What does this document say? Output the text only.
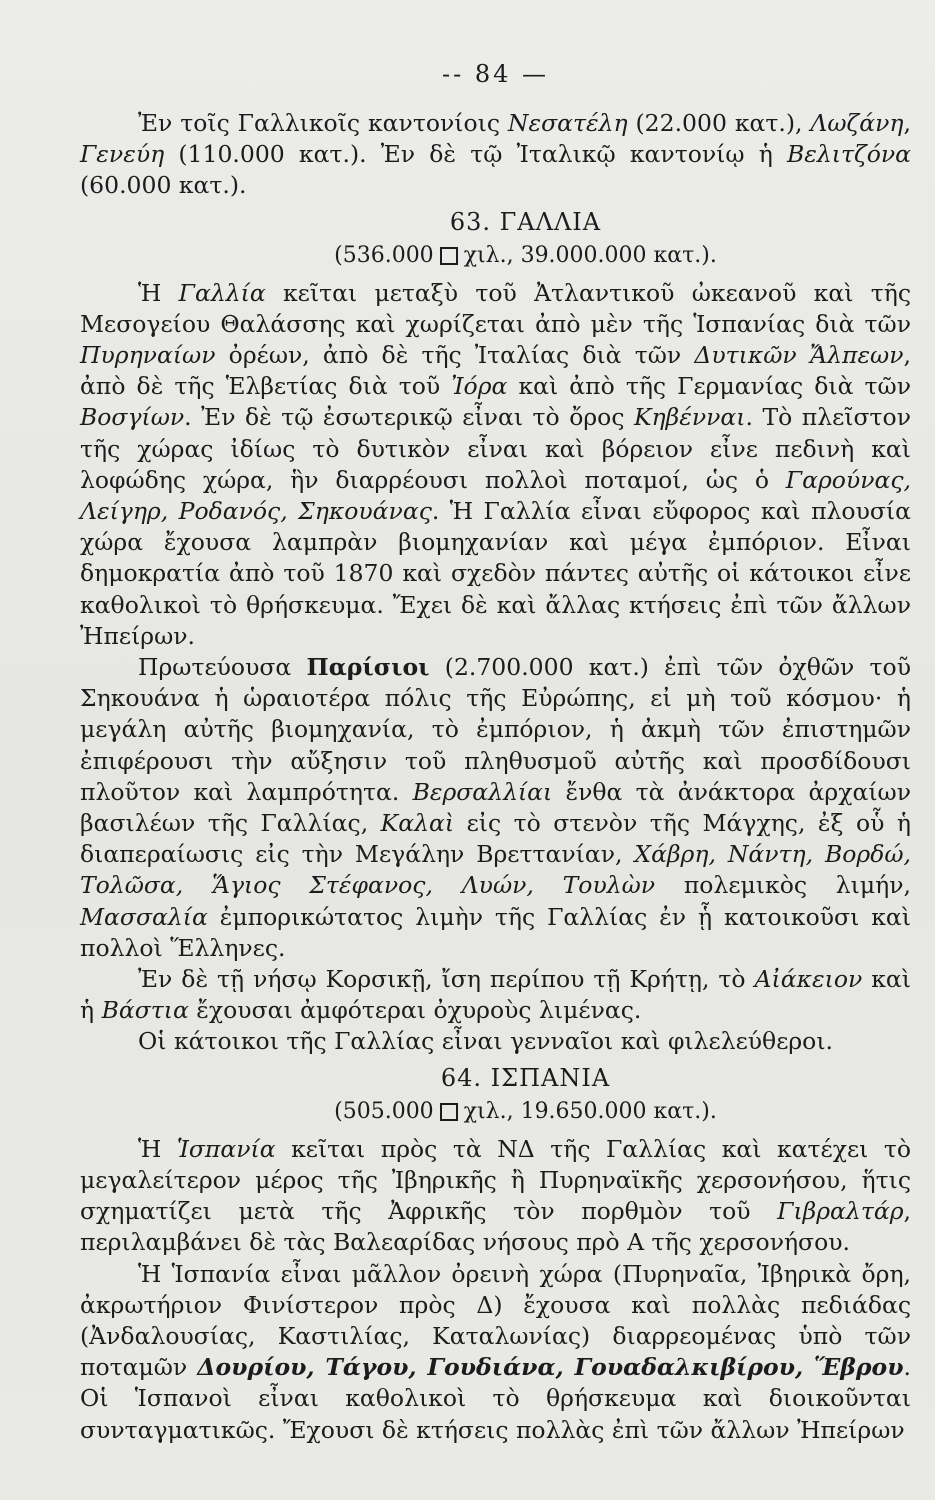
-- 84 —

Ἐν τοῖς Γαλλικοῖς καντονίοις Νεσατέλη (22.000 κατ.), Λωζάνη, Γενεύη (110.000 κατ.). Ἐν δὲ τῷ Ἰταλικῷ καντονίῳ ἡ Βελιτζόνα (60.000 κατ.).

63. ΓΑΛΛΙΑ
(536.000 χιλ., 39.000.000 κατ.).

Ἡ Γαλλία κεῖται μεταξὺ τοῦ Ἀτλαντικοῦ ὠκεανοῦ καὶ τῆς Μεσογείου Θαλάσσης καὶ χωρίζεται ἀπὸ μὲν τῆς Ἱσπανίας διὰ τῶν Πυρηναίων ὀρέων, ἀπὸ δὲ τῆς Ἰταλίας διὰ τῶν Δυτικῶν Ἄλπεων, ἀπὸ δὲ τῆς Ἑλβετίας διὰ τοῦ Ἰόρα καὶ ἀπὸ τῆς Γερμανίας διὰ τῶν Βοσγίων. Ἐν δὲ τῷ ἐσωτερικῷ εἶναι τὸ ὄρος Κηβένναι. Τὸ πλεῖστον τῆς χώρας ἰδίως τὸ δυτικὸν εἶναι καὶ βόρειον εἶνε πεδινὴ καὶ λοφώδης χώρα, ἣν διαρρέουσι πολλοὶ ποταμοί, ὡς ὁ Γαρούνας, Λείγηρ, Ροδανός, Σηκουάνας. Ἡ Γαλλία εἶναι εὔφορος καὶ πλουσία χώρα ἔχουσα λαμπρὰν βιομηχανίαν καὶ μέγα ἐμπόριον. Εἶναι δημοκρατία ἀπὸ τοῦ 1870 καὶ σχεδὸν πάντες αὐτῆς οἱ κάτοικοι εἶνε καθολικοὶ τὸ θρήσκευμα. Ἔχει δὲ καὶ ἄλλας κτήσεις ἐπὶ τῶν ἄλλων Ἠπείρων.

Πρωτεύουσα Παρίσιοι (2.700.000 κατ.) ἐπὶ τῶν ὀχθῶν τοῦ Σηκουάνα ἡ ὡραιοτέρα πόλις τῆς Εὐρώπης, εἰ μὴ τοῦ κόσμου· ἡ μεγάλη αὐτῆς βιομηχανία, τὸ ἐμπόριον, ἡ ἀκμὴ τῶν ἐπιστημῶν ἐπιφέρουσι τὴν αὔξησιν τοῦ πληθυσμοῦ αὐτῆς καὶ προσδίδουσι πλοῦτον καὶ λαμπρότητα. Βερσαλλίαι ἔνθα τὰ ἀνάκτορα ἀρχαίων βασιλέων τῆς Γαλλίας, Καλαὶ εἰς τὸ στενὸν τῆς Μάγχης, ἐξ οὗ ἡ διαπεραίωσις εἰς τὴν Μεγάλην Βρεττανίαν, Χάβρη, Νάντη, Βορδώ, Τολῶσα, Ἅγιος Στέφανος, Λυών, Τουλὼν πολεμικὸς λιμήν, Μασσαλία ἐμπορικώτατος λιμὴν τῆς Γαλλίας ἐν ᾗ κατοικοῦσι καὶ πολλοὶ Ἕλληνες.

Ἐν δὲ τῇ νήσῳ Κορσικῇ, ἴση περίπου τῇ Κρήτῃ, τὸ Αἰάκειον καὶ ἡ Βάστια ἔχουσαι ἀμφότεραι ὀχυροὺς λιμένας.

Οἱ κάτοικοι τῆς Γαλλίας εἶναι γενναῖοι καὶ φιλελεύθεροι.

64. ΙΣΠΑΝΙΑ
(505.000 χιλ., 19.650.000 κατ.).

Ἡ Ἱσπανία κεῖται πρὸς τὰ ΝΔ τῆς Γαλλίας καὶ κατέχει τὸ μεγαλείτερον μέρος τῆς Ἰβηρικῆς ἢ Πυρηναϊκῆς χερσονήσου, ἥτις σχηματίζει μετὰ τῆς Ἀφρικῆς τὸν πορθμὸν τοῦ Γιβραλτάρ, περιλαμβάνει δὲ τὰς Βαλεαρίδας νήσους πρὸ Α τῆς χερσονήσου.

Ἡ Ἱσπανία εἶναι μᾶλλον ὀρεινὴ χώρα (Πυρηναῖα, Ἰβηρικὰ ὄρη, ἀκρωτήριον Φινίστερον πρὸς Δ) ἔχουσα καὶ πολλὰς πεδιάδας (Ἀνδαλουσίας, Καστιλίας, Καταλωνίας) διαρρεομένας ὑπὸ τῶν ποταμῶν Δουρίου, Τάγου, Γουδιάνα, Γουαδαλκιβίρου, Ἕβρου. Οἱ Ἱσπανοὶ εἶναι καθολικοὶ τὸ θρήσκευμα καὶ διοικοῦνται συνταγματικῶς. Ἔχουσι δὲ κτήσεις πολλὰς ἐπὶ τῶν ἄλλων Ἠπείρων
